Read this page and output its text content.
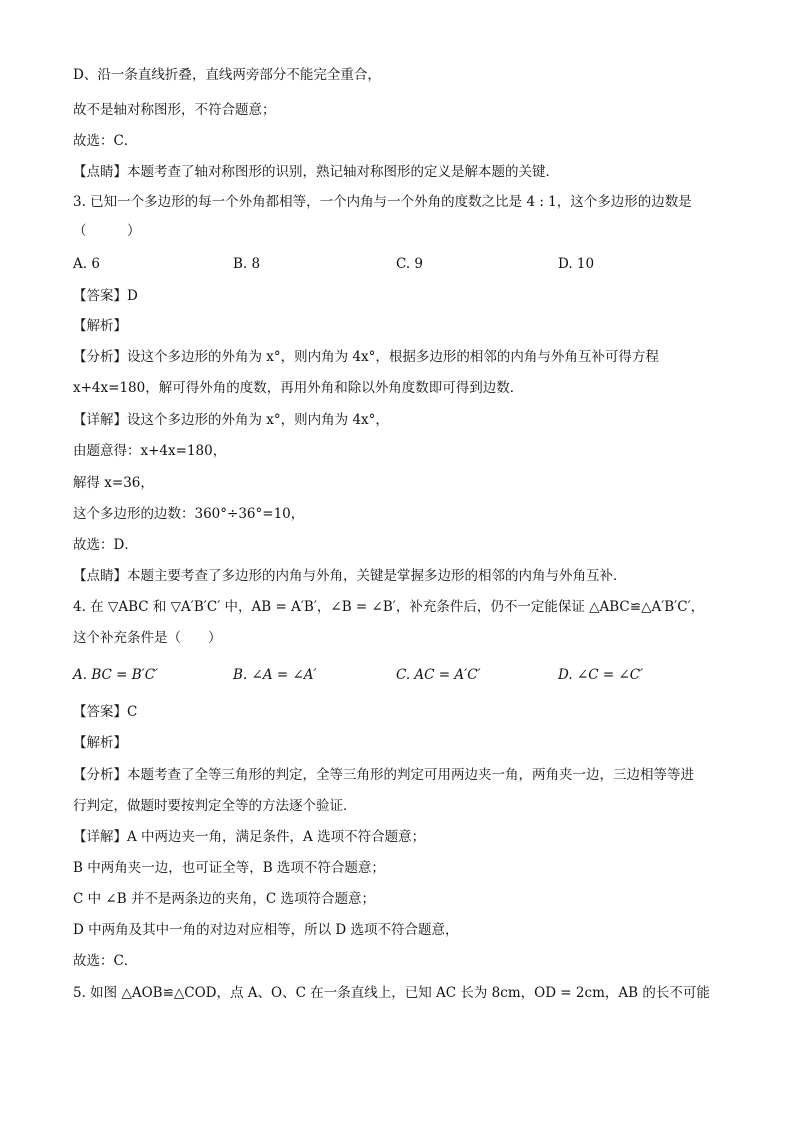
D、沿一条直线折叠，直线两旁部分不能完全重合，
故不是轴对称图形，不符合题意；
故选：C．
【点睛】本题考查了轴对称图形的识别，熟记轴对称图形的定义是解本题的关键．
3. 已知一个多边形的每一个外角都相等，一个内角与一个外角的度数之比是 4 : 1，这个多边形的边数是
（　　　）
A. 6	B. 8	C. 9	D. 10
【答案】D
【解析】
【分析】设这个多边形的外角为 x°，则内角为 4x°，根据多边形的相邻的内角与外角互补可得方程
x+4x=180，解可得外角的度数，再用外角和除以外角度数即可得到边数．
【详解】设这个多边形的外角为 x°，则内角为 4x°，
由题意得：x+4x=180，
解得 x=36，
这个多边形的边数：360°÷36°=10，
故选：D．
【点睛】本题主要考查了多边形的内角与外角，关键是掌握多边形的相邻的内角与外角互补．
4. 在 ▽ABC 和 ▽A′B′C′ 中，AB = A′B′，∠B = ∠B′，补充条件后，仍不一定能保证 △ABC≌△A′B′C′，
这个补充条件是（　　）
A. BC = B′C′	B. ∠A = ∠A′	C. AC = A′C′	D. ∠C = ∠C′
【答案】C
【解析】
【分析】本题考查了全等三角形的判定，全等三角形的判定可用两边夹一角，两角夹一边，三边相等等进
行判定，做题时要按判定全等的方法逐个验证．
【详解】A 中两边夹一角，满足条件，A 选项不符合题意；
B 中两角夹一边，也可证全等，B 选项不符合题意；
C 中 ∠B 并不是两条边的夹角，C 选项符合题意；
D 中两角及其中一角的对边对应相等，所以 D 选项不符合题意，
故选：C．
5. 如图 △AOB≌△COD，点 A、O、C 在一条直线上，已知 AC 长为 8cm，OD = 2cm，AB 的长不可能
